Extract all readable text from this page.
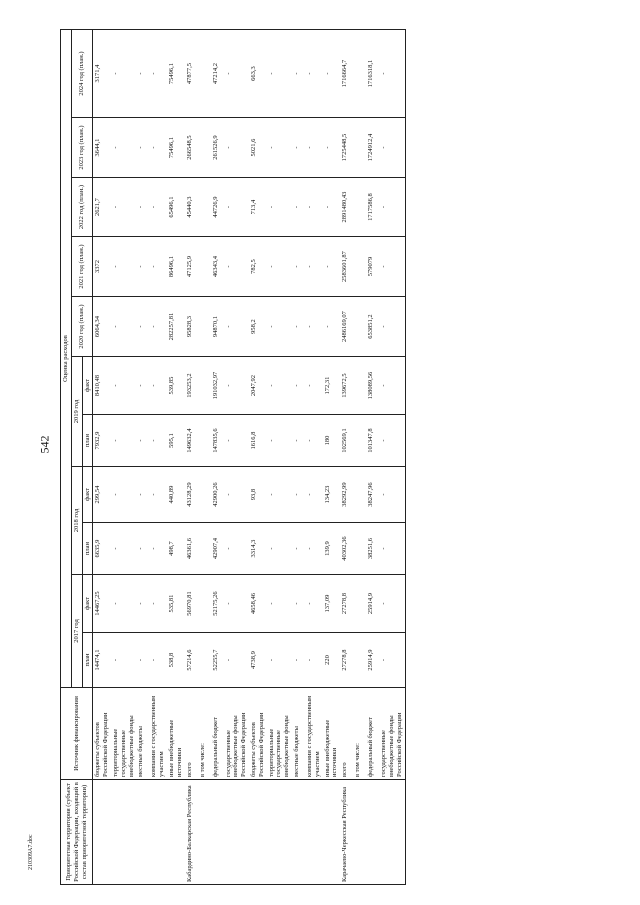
542
210309A7.doc	Приоритетная территория (субъект Российской Федерации, входящий в состав приоритетной территории)	Источник финансирования	Оценка расходов										
		2017 год		2018 год		2019 год		2020 год (план.)	2021 год (план.)	2022 год (план.)	2023 год (план.)	2024 год (план.)
		план	факт	план	факт	план	факт					
	бюджеты субъектов Российской Федерации	14474,1	14467,25	6635,9	299,54	7932,9	8410,48	6064,34	3372	2621,7	3644,1	3171,4
	территориальные государственные внебюджетные фонды	-	-	-	-	-	-	-	-	-	-	-
	местные бюджеты	-	-	-	-	-	-	-	-	-	-	-
	компании с государственным участием	-	-	-	-	-	-	-	-	-	-	-
	иные внебюджетные источники	538,8	535,81	498,7	440,89	595,1	539,85	282257,81	86496,1	65496,1	75496,1	75496,1
Кабардино-Балкарская Республика	всего	57214,6	56970,81	46361,6	43128,29	149632,4	193253,2	95828,3	47125,9	45440,3	266548,5	47877,5
	в том числе:											
	федеральный бюджет	52255,7	52175,26	42907,4	42900,26	147835,6	191032,97	94870,1	46343,4	44726,9	261526,9	47214,2
	государственные внебюджетные фонды Российской Федерации	-	-	-	-	-	-	-	-	-	-	-
	бюджеты субъектов Российской Федерации	4738,9	4658,46	3314,3	93,8	1616,8	2047,92	958,2	782,5	713,4	5021,6	663,3
	территориальные государственные внебюджетные фонды	-	-	-	-	-	-	-	-	-	-	-
	местные бюджеты	-	-	-	-	-	-	-	-	-	-	-
	компании с государственным участием	-	-	-	-	-	-	-	-	-	-	-
	иные внебюджетные источники	220	137,09	139,9	134,23	180	172,31	-	-	-	-	-
Карачаево-Черкесская Республика	всего	27278,8	27278,8	40302,36	38292,99	102569,1	139672,5	2486169,07	2583601,87	2891480,43	1725448,5	1716664,7
	в том числе:											
	федеральный бюджет	25914,9	25914,9	38251,6	38247,96	101347,8	138089,56	653851,2	579079	1717586,8	1724912,4	1716318,1
	государственные внебюджетные фонды Российской Федерации	-	-	-	-	-	-	-	-	-	-	-
